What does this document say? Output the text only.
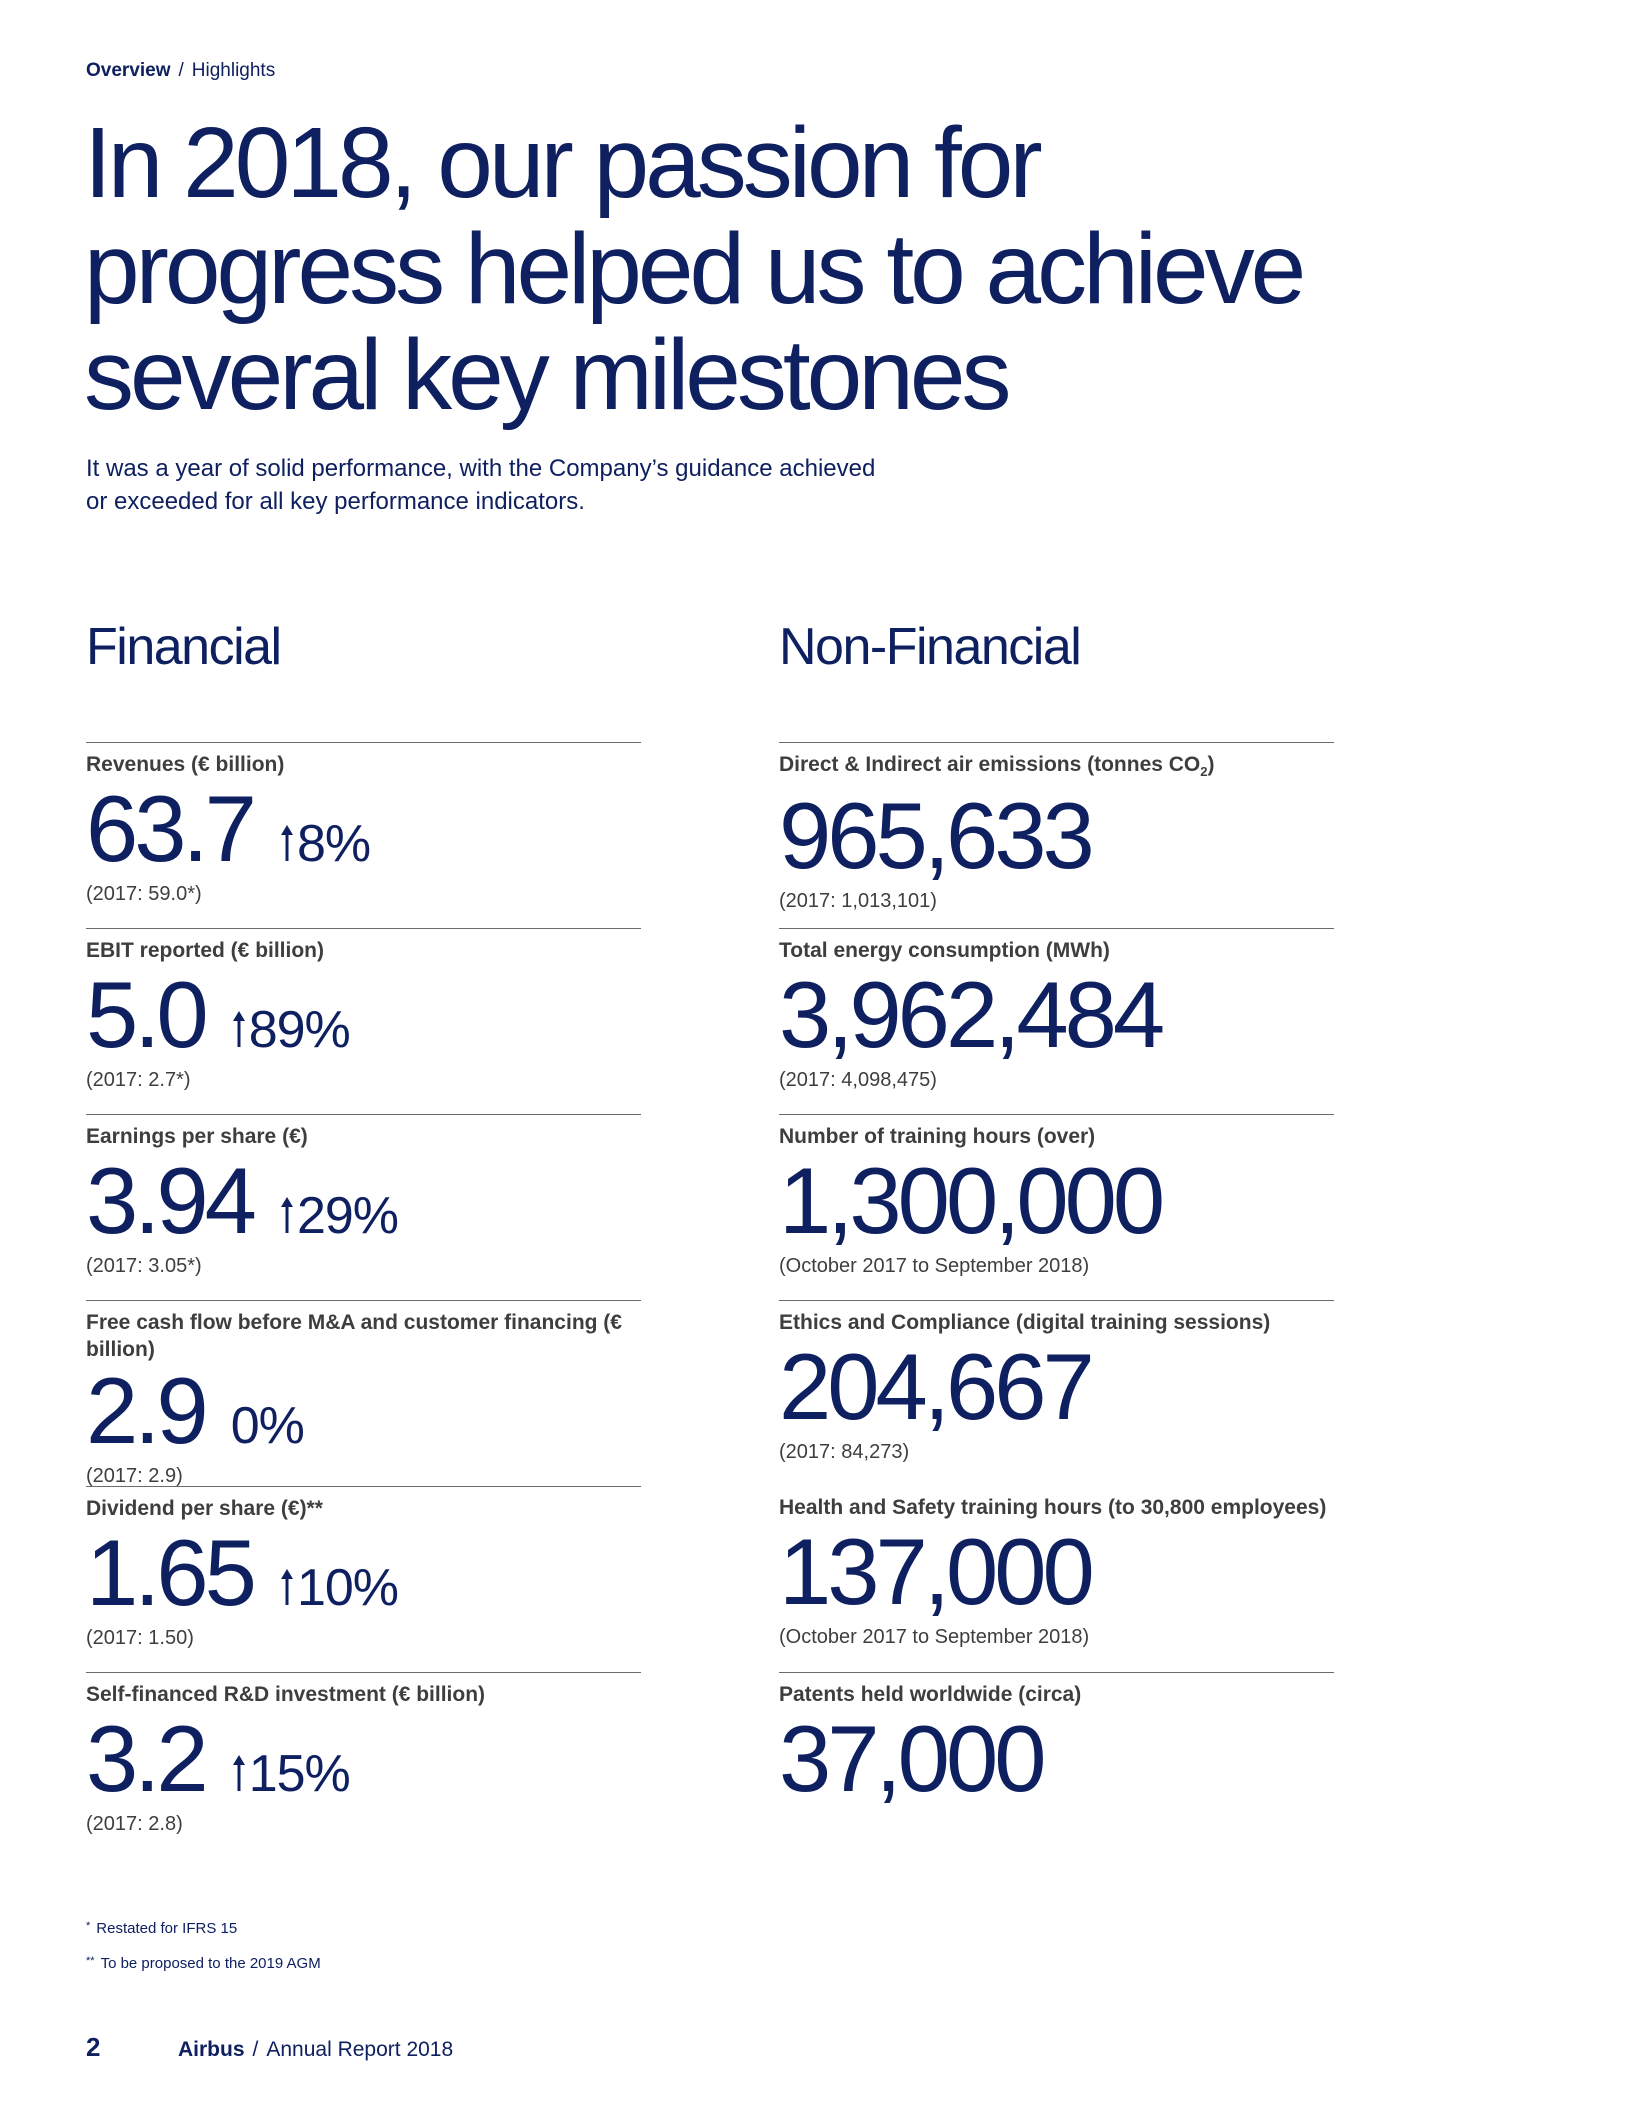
Overview / Highlights
In 2018, our passion for progress helped us to achieve several key milestones

It was a year of solid performance, with the Company’s guidance achieved or exceeded for all key performance indicators.

Financial
Revenues (€ billion)
63.7 8%
(2017: 59.0*)
EBIT reported (€ billion)
5.0 89%
(2017: 2.7*)
Earnings per share (€)
3.94 29%
(2017: 3.05*)
Free cash flow before M&A and customer financing (€ billion)
2.9 0%
(2017: 2.9)
Dividend per share (€)**
1.65 10%
(2017: 1.50)
Self-financed R&D investment (€ billion)
3.2 15%
(2017: 2.8)
Non-Financial
Direct & Indirect air emissions (tonnes $CO_2$)
965,633
(2017: 1,013,101)
Total energy consumption (MWh)
3,962,484
(2017: 4,098,475)
Number of training hours (over)
1,300,000
(October 2017 to September 2018)
Ethics and Compliance (digital training sessions)
204,667
(2017: 84,273)
Health and Safety training hours (to 30,800 employees)
137,000
(October 2017 to September 2018)
Patents held worldwide (circa)
37,000
* Restated for IFRS 15
** To be proposed to the 2019 AGM
2	Airbus / Annual Report 2018
